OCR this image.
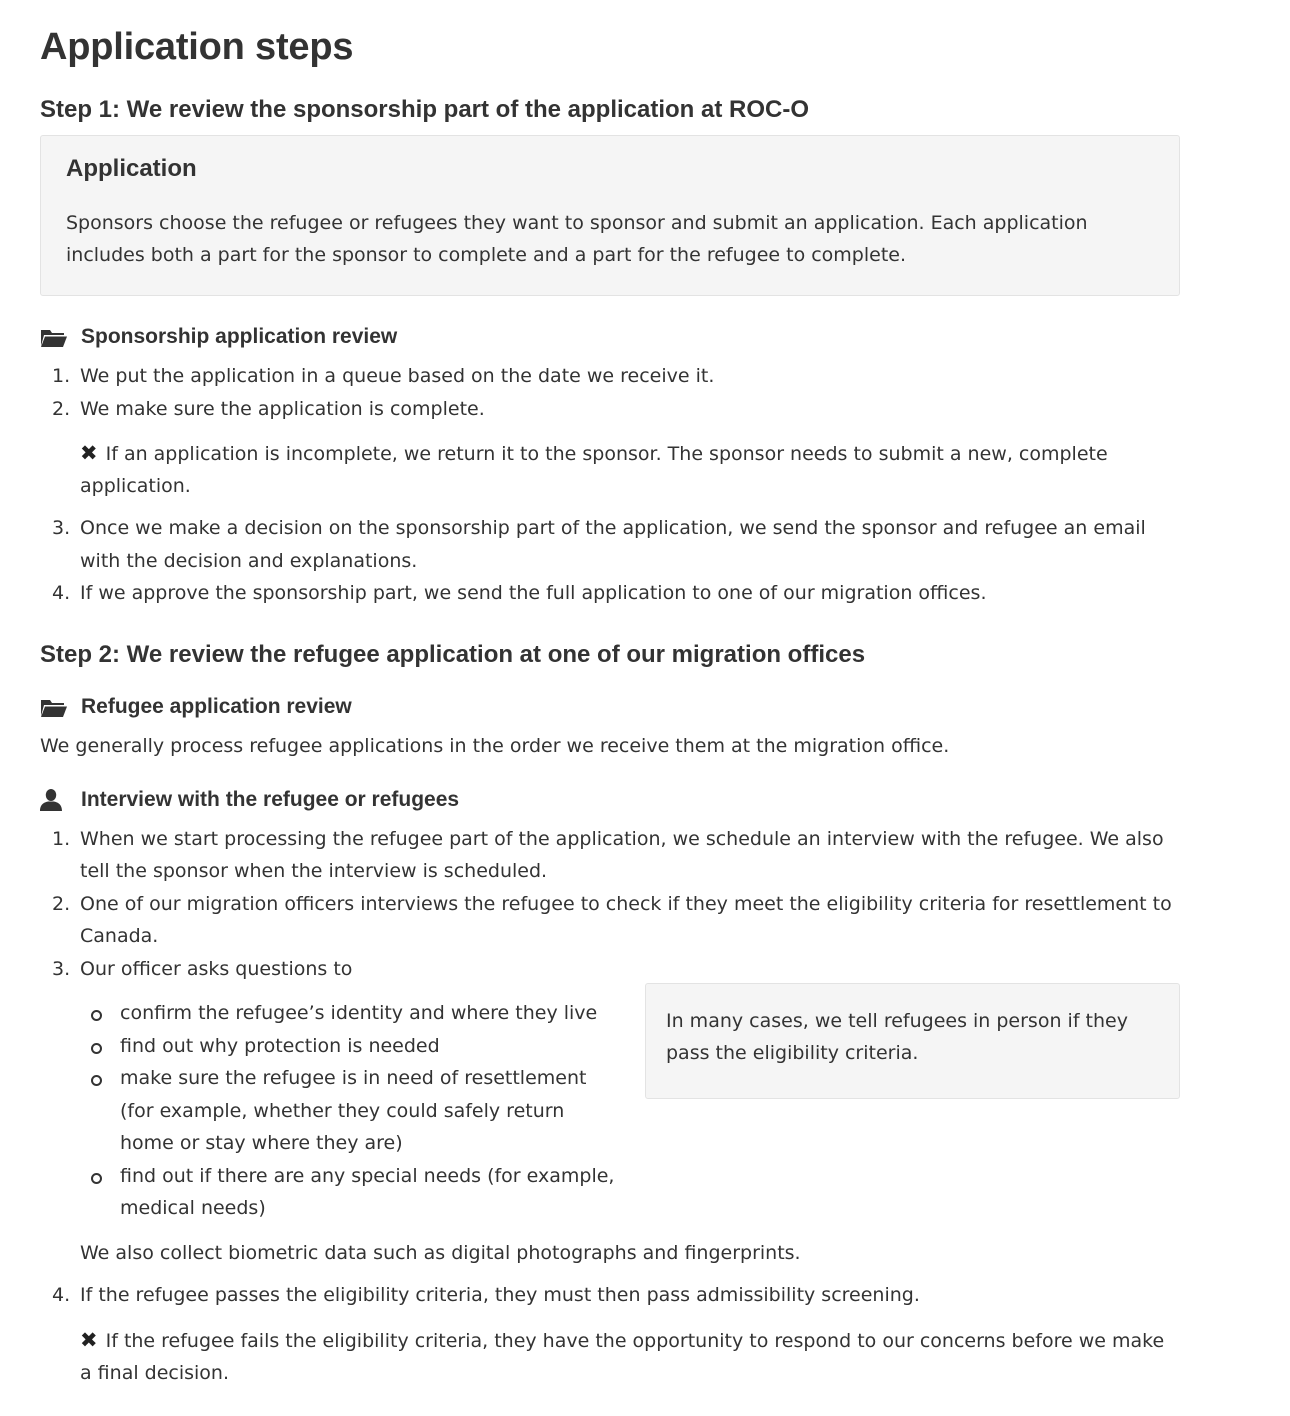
Application steps
Step 1: We review the sponsorship part of the application at ROC-O
Application

Sponsors choose the refugee or refugees they want to sponsor and submit an application. Each application includes both a part for the sponsor to complete and a part for the refugee to complete.

Sponsorship application review
1. We put the application in a queue based on the date we receive it.
2. We make sure the application is complete.
✖ If an application is incomplete, we return it to the sponsor. The sponsor needs to submit a new, complete application.
3. Once we make a decision on the sponsorship part of the application, we send the sponsor and refugee an email with the decision and explanations.
4. If we approve the sponsorship part, we send the full application to one of our migration offices.
Step 2: We review the refugee application at one of our migration offices
Refugee application review

We generally process refugee applications in the order we receive them at the migration office.

Interview with the refugee or refugees
1. When we start processing the refugee part of the application, we schedule an interview with the refugee. We also tell the sponsor when the interview is scheduled.
2. One of our migration officers interviews the refugee to check if they meet the eligibility criteria for resettlement to Canada.
3. Our officer asks questions to
confirm the refugee’s identity and where they live
find out why protection is needed
make sure the refugee is in need of resettlement (for example, whether they could safely return home or stay where they are)
find out if there are any special needs (for example, medical needs)
In many cases, we tell refugees in person if they pass the eligibility criteria.

We also collect biometric data such as digital photographs and fingerprints.

4. If the refugee passes the eligibility criteria, they must then pass admissibility screening.
✖ If the refugee fails the eligibility criteria, they have the opportunity to respond to our concerns before we make a final decision.
